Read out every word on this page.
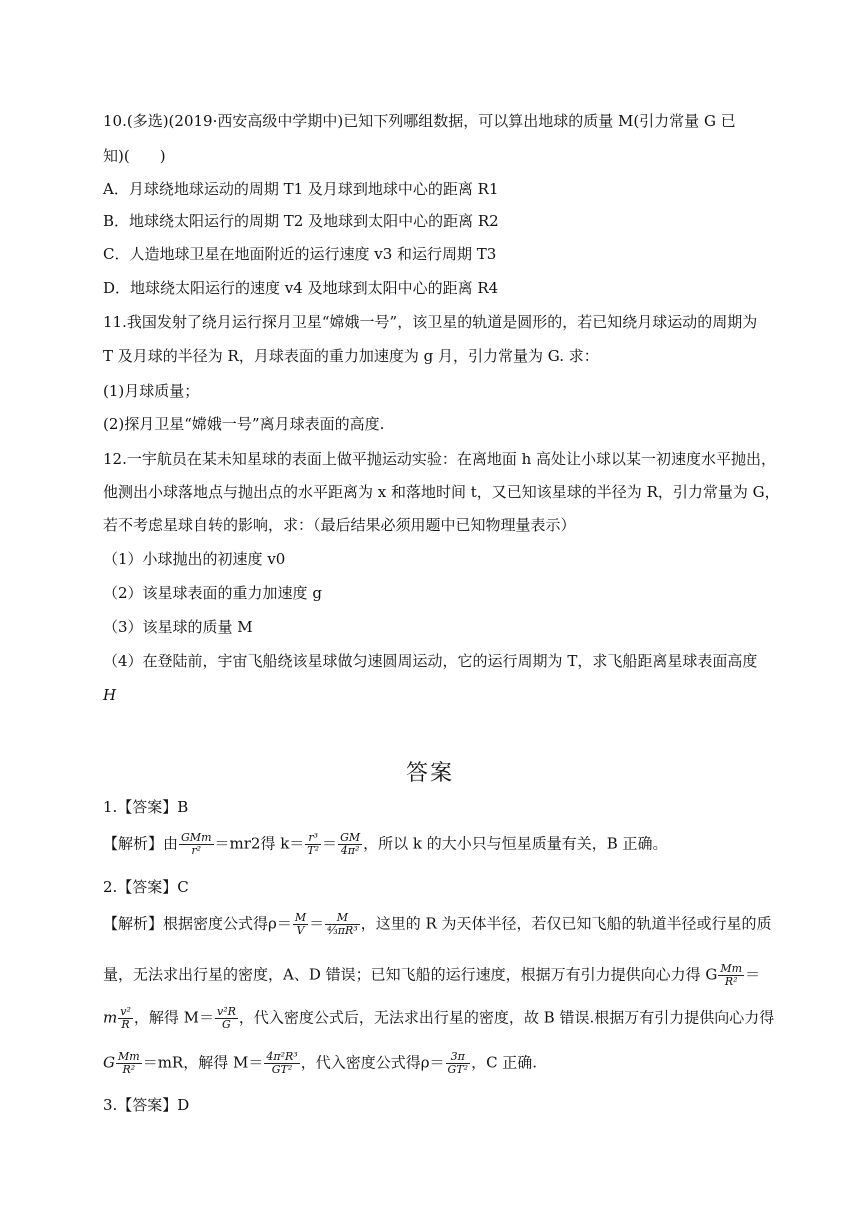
10.(多选)(2019·西安高级中学期中)已知下列哪组数据，可以算出地球的质量 M(引力常量 G 已
知)(　　)
A．月球绕地球运动的周期 T1 及月球到地球中心的距离 R1
B．地球绕太阳运行的周期 T2 及地球到太阳中心的距离 R2
C．人造地球卫星在地面附近的运行速度 v3 和运行周期 T3
D．地球绕太阳运行的速度 v4 及地球到太阳中心的距离 R4
11.我国发射了绕月运行探月卫星“嫦娥一号”，该卫星的轨道是圆形的，若已知绕月球运动的周期为
T 及月球的半径为 R，月球表面的重力加速度为 g 月，引力常量为 G. 求：
(1)月球质量；
(2)探月卫星“嫦娥一号”离月球表面的高度.
12.一宇航员在某未知星球的表面上做平抛运动实验：在离地面 h 高处让小球以某一初速度水平抛出，
他测出小球落地点与抛出点的水平距离为 x 和落地时间 t，又已知该星球的半径为 R，引力常量为 G，
若不考虑星球自转的影响，求：（最后结果必须用题中已知物理量表示）
（1）小球抛出的初速度 v0
（2）该星球表面的重力加速度 g
（3）该星球的质量 M
（4）在登陆前，宇宙飞船绕该星球做匀速圆周运动，它的运行周期为 T，求飞船距离星球表面高度
H
答案
1.【答案】B
【解析】由 $\frac{\text{GMm}}{\text{r²}} =mr2$得 $k= \frac{\text{r³}}{\text{T²}} = \frac{GM}{\text{4π²}}$ ，所以 k 的大小只与恒星质量有关，B 正确。
2.【答案】C
【解析】根据密度公式得$\rho= \frac{M}{V} = \frac{M}{\text{⁴⁄₃πR³}}$ ，这里的 R 为天体半径，若仅已知飞船的轨道半径或行星的质
量，无法求出行星的密度，A、D 错误；已知飞船的运行速度，根据万有引力提供向心力得 G $\frac{Mm}{\text{R²}}$ ＝
m $\frac{\text{v²}}{R}$ ，解得 $M= \frac{\text{v²R}}{G}$ ，代入密度公式后，无法求出行星的密度，故 B 错误.根据万有引力提供向心力得
G $\frac{Mm}{\text{R²}} =mR$，解得 $M= \frac{\text{4π²R³}}{\text{GT²}}$ ，代入密度公式得$\rho= \frac{3\pi}{\text{GT²}}$ ，C 正确.
3.【答案】D
